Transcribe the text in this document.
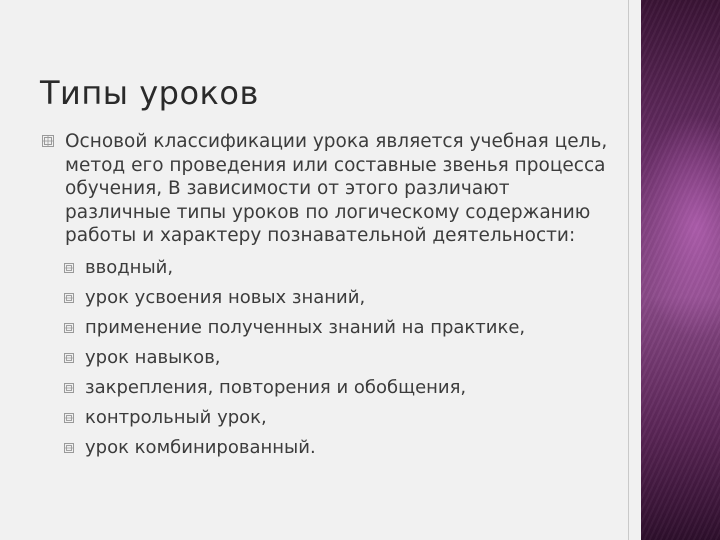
Типы уроков

Основой классификации урока является учебная цель, метод его проведения или составные звенья процесса обучения, В зависимости от этого различают различные типы уроков по логическому содержанию работы и характеру познавательной деятельности:

вводный,
урок усвоения новых знаний,
применение полученных знаний на практике,
урок навыков,
закрепления, повторения и обобщения,
контрольный урок,
урок комбинированный.
